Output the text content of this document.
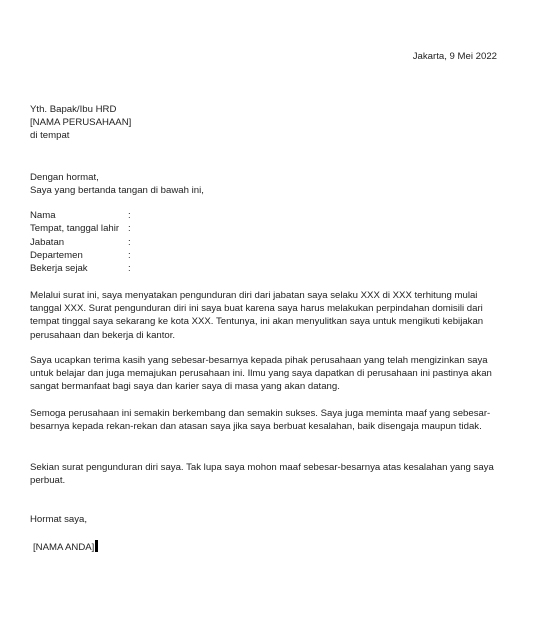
Jakarta, 9 Mei 2022
Yth. Bapak/Ibu HRD
[NAMA PERUSAHAAN]
di tempat
Dengan hormat,
Saya yang bertanda tangan di bawah ini,
Nama	:
Tempat, tanggal lahir :
Jabatan	:
Departemen	:
Bekerja sejak	:

Melalui surat ini, saya menyatakan pengunduran diri dari jabatan saya selaku XXX di XXX terhitung mulai tanggal XXX. Surat pengunduran diri ini saya buat karena saya harus melakukan perpindahan domisili dari tempat tinggal saya sekarang ke kota XXX. Tentunya, ini akan menyulitkan saya untuk mengikuti kebijakan perusahaan dan bekerja di kantor.

Saya ucapkan terima kasih yang sebesar-besarnya kepada pihak perusahaan yang telah mengizinkan saya untuk belajar dan juga memajukan perusahaan ini. Ilmu yang saya dapatkan di perusahaan ini pastinya akan sangat bermanfaat bagi saya dan karier saya di masa yang akan datang.

Semoga perusahaan ini semakin berkembang dan semakin sukses. Saya juga meminta maaf yang sebesar-besarnya kepada rekan-rekan dan atasan saya jika saya berbuat kesalahan, baik disengaja maupun tidak.

Sekian surat pengunduran diri saya. Tak lupa saya mohon maaf sebesar-besarnya atas kesalahan yang saya perbuat.

Hormat saya,
[NAMA ANDA]
